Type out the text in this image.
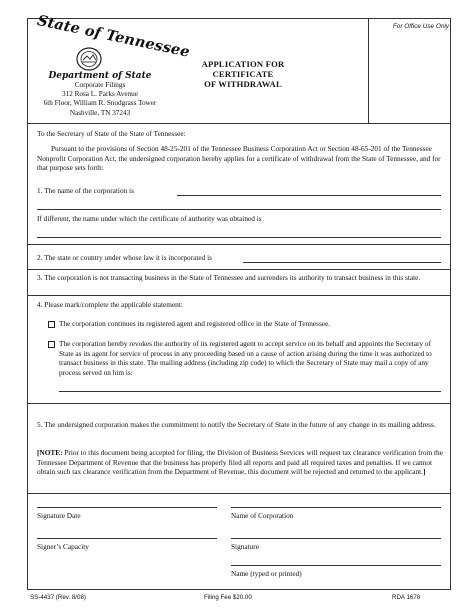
State of Tennessee
Department of State
Corporate Filings
312 Rosa L. Parks Avenue
6th Floor, William R. Snodgrass Tower
Nashville, TN 37243
APPLICATION FOR CERTIFICATE
OF WITHDRAWAL
For Office Use Only
To the Secretary of State of the State of Tennessee:
Pursuant to the provisions of Section 48-25-201 of the Tennessee Business Corporation Act or Section 48-65-201 of the Tennessee Nonprofit Corporation Act, the undersigned corporation hereby applies for a certificate of withdrawal from the State of Tennessee, and for that purpose sets forth:
1. The name of the corporation is
If different, the name under which the certificate of authority was obtained is
2. The state or country under whose law it is incorporated is
3. The corporation is not transacting business in the State of Tennessee and surrenders its authority to transact business in this state.
4. Please mark/complete the applicable statement:
The corporation continues its registered agent and registered office in the State of Tennessee.
The corporation hereby revokes the authority of its registered agent to accept service on its behalf and appoints the Secretary of State as its agent for service of process in any proceeding based on a cause of action arising during the time it was authorized to transact business in this state. The mailing address (including zip code) to which the Secretary of State may mail a copy of any process served on him is:
5. The undersigned corporation makes the commitment to notify the Secretary of State in the future of any change in its mailing address.
[NOTE: Prior to this document being accepted for filing, the Division of Business Services will request tax clearance verification from the Tennessee Department of Revenue that the business has properly filed all reports and paid all required taxes and penalties. If we cannot obtain such tax clearance verification from the Department of Revenue, this document will be rejected and returned to the applicant.]
Signature Date	Name of Corporation
Signer’s Capacity	Signature
Name (typed or printed)
SS-4437 (Rev. 8/08)	Filing Fee $20.00	RDA 1678
